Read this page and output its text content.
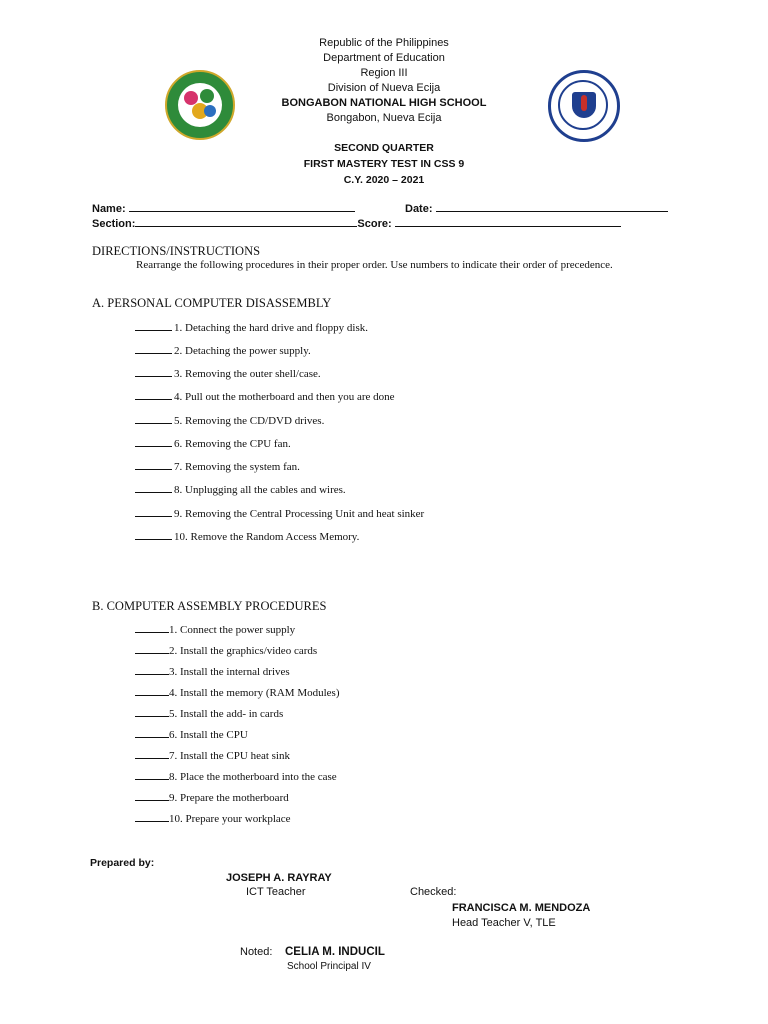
Republic of the Philippines
Department of Education
Region III
Division of Nueva Ecija
BONGABON NATIONAL HIGH SCHOOL
Bongabon, Nueva Ecija
SECOND QUARTER
FIRST MASTERY TEST IN CSS 9
C.Y. 2020 – 2021
Name:	Date:
Section:	Score:
DIRECTIONS/INSTRUCTIONS
Rearrange the following procedures in their proper order. Use numbers to indicate their order of precedence.
A. PERSONAL COMPUTER DISASSEMBLY
1. Detaching the hard drive and floppy disk.
2. Detaching the power supply.
3. Removing the outer shell/case.
4. Pull out the motherboard and then you are done
5. Removing the CD/DVD drives.
6. Removing the CPU fan.
7. Removing the system fan.
8. Unplugging all the cables and wires.
9. Removing the Central Processing Unit and heat sinker
10. Remove the Random Access Memory.
B. COMPUTER ASSEMBLY PROCEDURES
1. Connect the power supply
2. Install the graphics/video cards
3. Install the internal drives
4. Install the memory (RAM Modules)
5. Install the add- in cards
6. Install the CPU
7. Install the CPU heat sink
8. Place the motherboard into the case
9. Prepare the motherboard
10. Prepare your workplace
Prepared by:
JOSEPH A. RAYRAY
ICT Teacher	Checked:
FRANCISCA M. MENDOZA
Head Teacher V, TLE
Noted: CELIA M. INDUCIL
School Principal IV
